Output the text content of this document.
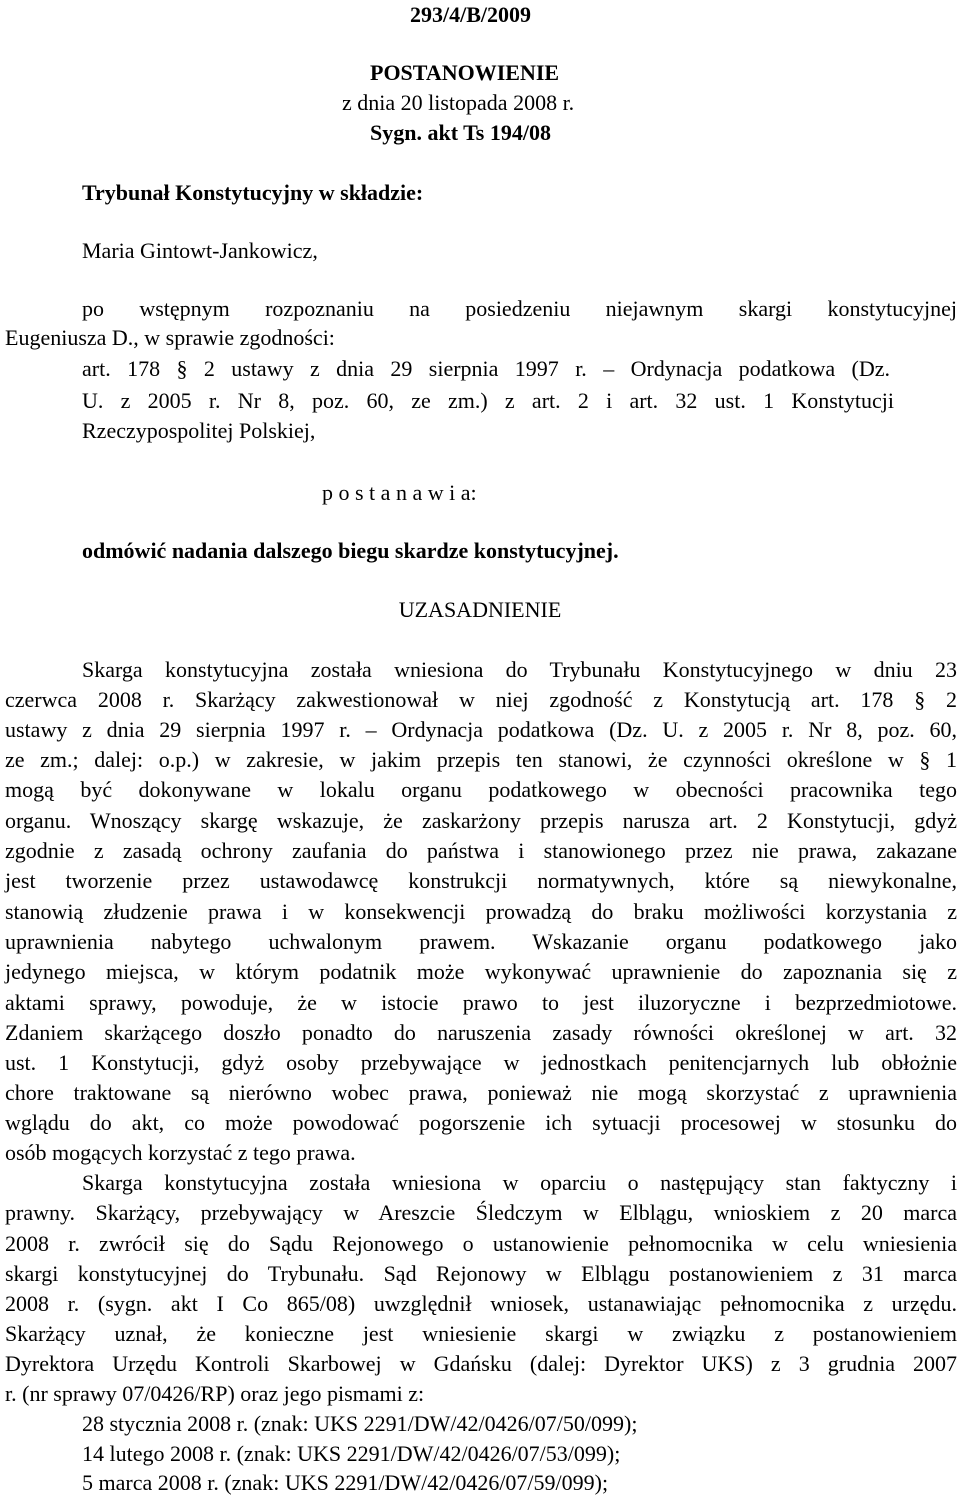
293/4/B/2009
POSTANOWIENIE
z dnia 20 listopada 2008 r.
Sygn. akt Ts 194/08
Trybunał Konstytucyjny w składzie:
Maria Gintowt-Jankowicz,
po wstępnym rozpoznaniu na posiedzeniu niejawnym skargi konstytucyjnej
Eugeniusza D., w sprawie zgodności:
art. 178 § 2 ustawy z dnia 29 sierpnia 1997 r. – Ordynacja podatkowa (Dz.
U. z 2005 r. Nr 8, poz. 60, ze zm.) z art. 2 i art. 32 ust. 1 Konstytucji
Rzeczypospolitej Polskiej,
p o s t a n a w i a:
odmówić nadania dalszego biegu skardze konstytucyjnej.
UZASADNIENIE
Skarga konstytucyjna została wniesiona do Trybunału Konstytucyjnego w dniu 23
czerwca 2008 r. Skarżący zakwestionował w niej zgodność z Konstytucją art. 178 § 2
ustawy z dnia 29 sierpnia 1997 r. – Ordynacja podatkowa (Dz. U. z 2005 r. Nr 8, poz. 60,
ze zm.; dalej: o.p.) w zakresie, w jakim przepis ten stanowi, że czynności określone w § 1
mogą być dokonywane w lokalu organu podatkowego w obecności pracownika tego
organu. Wnoszący skargę wskazuje, że zaskarżony przepis narusza art. 2 Konstytucji, gdyż
zgodnie z zasadą ochrony zaufania do państwa i stanowionego przez nie prawa, zakazane
jest tworzenie przez ustawodawcę konstrukcji normatywnych, które są niewykonalne,
stanowią złudzenie prawa i w konsekwencji prowadzą do braku możliwości korzystania z
uprawnienia nabytego uchwalonym prawem. Wskazanie organu podatkowego jako
jedynego miejsca, w którym podatnik może wykonywać uprawnienie do zapoznania się z
aktami sprawy, powoduje, że w istocie prawo to jest iluzoryczne i bezprzedmiotowe.
Zdaniem skarżącego doszło ponadto do naruszenia zasady równości określonej w art. 32
ust. 1 Konstytucji, gdyż osoby przebywające w jednostkach penitencjarnych lub obłożnie
chore traktowane są nierówno wobec prawa, ponieważ nie mogą skorzystać z uprawnienia
wglądu do akt, co może powodować pogorszenie ich sytuacji procesowej w stosunku do
osób mogących korzystać z tego prawa.
Skarga konstytucyjna została wniesiona w oparciu o następujący stan faktyczny i
prawny. Skarżący, przebywający w Areszcie Śledczym w Elblągu, wnioskiem z 20 marca
2008 r. zwrócił się do Sądu Rejonowego o ustanowienie pełnomocnika w celu wniesienia
skargi konstytucyjnej do Trybunału. Sąd Rejonowy w Elblągu postanowieniem z 31 marca
2008 r. (sygn. akt I Co 865/08) uwzględnił wniosek, ustanawiając pełnomocnika z urzędu.
Skarżący uznał, że konieczne jest wniesienie skargi w związku z postanowieniem
Dyrektora Urzędu Kontroli Skarbowej w Gdańsku (dalej: Dyrektor UKS) z 3 grudnia 2007
r. (nr sprawy 07/0426/RP) oraz jego pismami z:
28 stycznia 2008 r. (znak: UKS 2291/DW/42/0426/07/50/099);
14 lutego 2008 r. (znak: UKS 2291/DW/42/0426/07/53/099);
5 marca 2008 r. (znak: UKS 2291/DW/42/0426/07/59/099);
